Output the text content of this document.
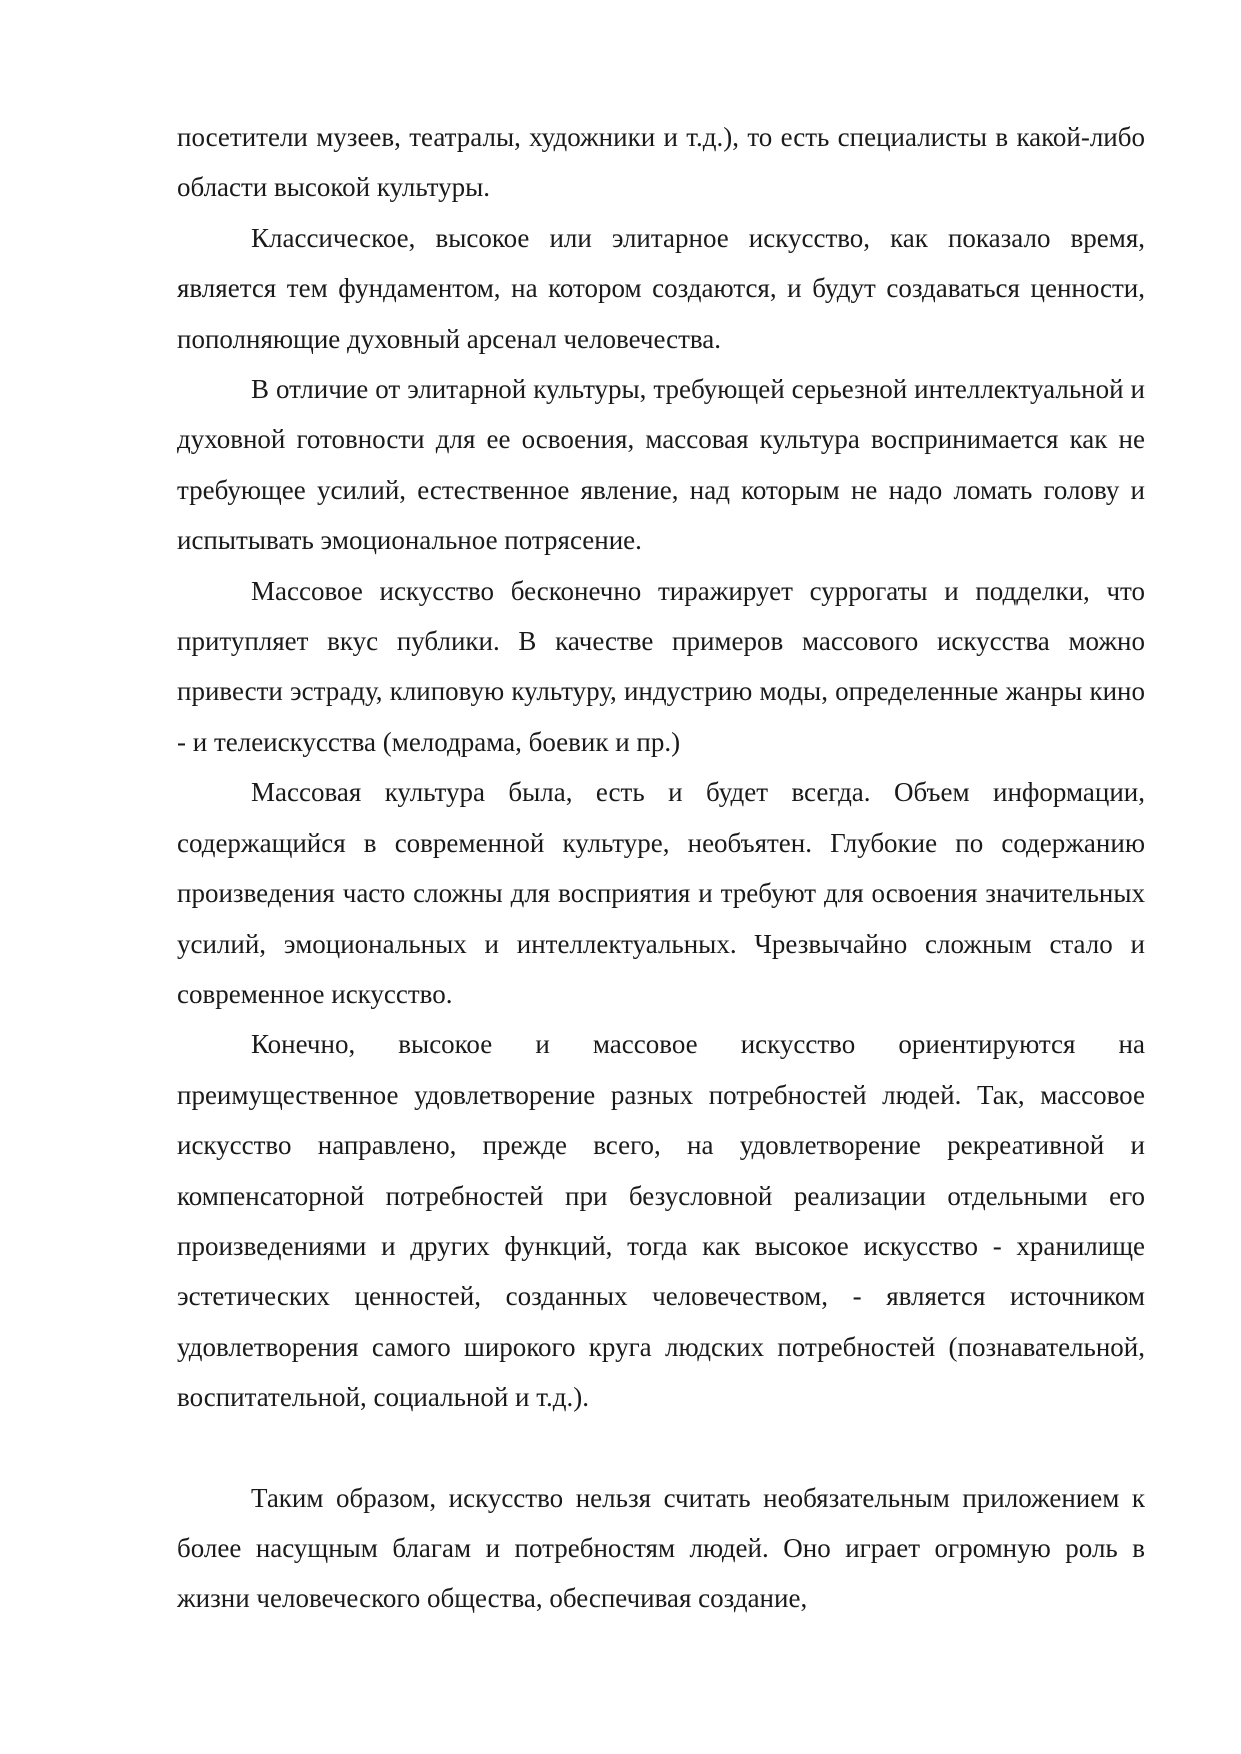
посетители музеев, театралы, художники и т.д.), то есть специалисты в какой-либо области высокой культуры.

Классическое, высокое или элитарное искусство, как показало время, является тем фундаментом, на котором создаются, и будут создаваться ценности, пополняющие духовный арсенал человечества.

В отличие от элитарной культуры, требующей серьезной интеллектуальной и духовной готовности для ее освоения, массовая культура воспринимается как не требующее усилий, естественное явление, над которым не надо ломать голову и испытывать эмоциональное потрясение.

Массовое искусство бесконечно тиражирует суррогаты и подделки, что притупляет вкус публики. В качестве примеров массового искусства можно привести эстраду, клиповую культуру, индустрию моды, определенные жанры кино - и телеискусства (мелодрама, боевик и пр.)

Массовая культура была, есть и будет всегда. Объем информации, содержащийся в современной культуре, необъятен. Глубокие по содержанию произведения часто сложны для восприятия и требуют для освоения значительных усилий, эмоциональных и интеллектуальных. Чрезвычайно сложным стало и современное искусство.

Конечно, высокое и массовое искусство ориентируются на преимущественное удовлетворение разных потребностей людей. Так, массовое искусство направлено, прежде всего, на удовлетворение рекреативной и компенсаторной потребностей при безусловной реализации отдельными его произведениями и других функций, тогда как высокое искусство - хранилище эстетических ценностей, созданных человечеством, - является источником удовлетворения самого широкого круга людских потребностей (познавательной, воспитательной, социальной и т.д.).

Таким образом, искусство нельзя считать необязательным приложением к более насущным благам и потребностям людей. Оно играет огромную роль в жизни человеческого общества, обеспечивая создание,
